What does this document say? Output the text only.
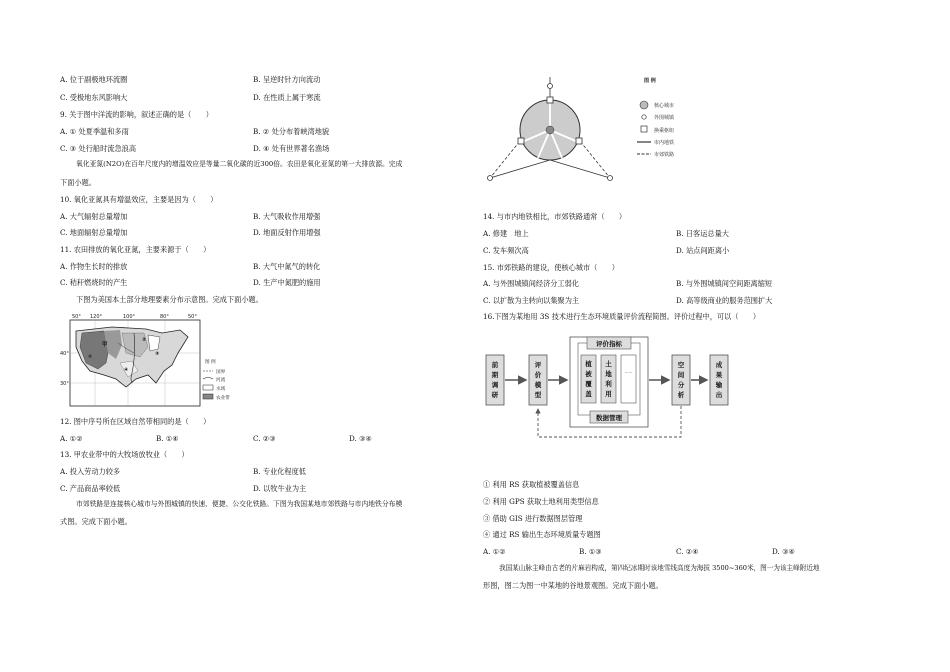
A. 位于副极地环流圈	B. 呈逆时针方向流动
C. 受极地东风影响大	D. 在性质上属于寒流
9. 关于图中洋流的影响，叙述正确的是（　　）
A. ① 处夏季温和多雨	B. ② 处分布着峡湾地貌
C. ③ 处行船时流急浪高	D. ④ 处有世界著名渔场
氧化亚氮(N2O)在百年尺度内的增温效应是等量二氧化碳的近300倍。农田是氧化亚氮的第一大排放源。完成
下面小题。
10. 氧化亚氮具有增温效应，主要是因为（　　）
A. 大气辐射总量增加	B. 大气吸收作用增强
C. 地面辐射总量增加	D. 地面反射作用增强
11. 农田排放的氧化亚氮，主要来源于（　　）
A. 作物生长时的排放	B. 大气中氮气的转化
C. 秸秆燃烧时的产生	D. 生产中氮肥的施用
下图为美国本土部分地理要素分布示意图。完成下面小题。
50° 120°	100°	80°	50°
40°
30°
甲
①
②
③
④
图 例
国界
河流
水域
农业带
12. 图中序号所在区域自然带相同的是（　　）
A. ①②	B. ①④	C. ②③	D. ③④
13. 甲农业带中的大牧场放牧业（　　）
A. 投入劳动力较多	B. 专业化程度低
C. 产品商品率较低	D. 以牧牛业为主
市郊铁路是连接核心城市与外围城镇的快速、便捷、公交化铁路。下图为我国某地市郊铁路与市内地铁分布模
式图。完成下面小题。
图 例
核心城市
外围城镇
换乘枢纽
市内地铁
市郊铁路
14. 与市内地铁相比，市郊铁路通常（　　）
A. 修建　地上	B. 日客运总量大
C. 发车频次高	D. 站点间距离小
15. 市郊铁路的建设，使核心城市（　　）
A. 与外围城镇间经济分工弱化	B. 与外围城镇间空间距离缩短
C. 以扩散为主转向以集聚为主	D. 高等级商业的服务范围扩大
16.下图为某地用 3S 技术进行生态环境质量评价流程简图。评价过程中，可以（　　）
前
期
调
研
评
价
模
型
评价指标
植
被
覆
盖
土
地
利
用
……
数据管理
空
间
分
析
成
果
输
出
① 利用 RS 获取植被覆盖信息
② 利用 GPS 获取土地利用类型信息
③ 借助 GIS 进行数据图层管理
④ 通过 RS 输出生态环境质量专题图
A. ①②	B. ①③	C. ②④	D. ③④
我国某山脉主峰由古老的片麻岩构成，第四纪冰期时该地雪线高度为海拔 3500~360米，图一为该主峰附近地
形图，图二为图一中某地的谷地景观图。完成下面小题。
